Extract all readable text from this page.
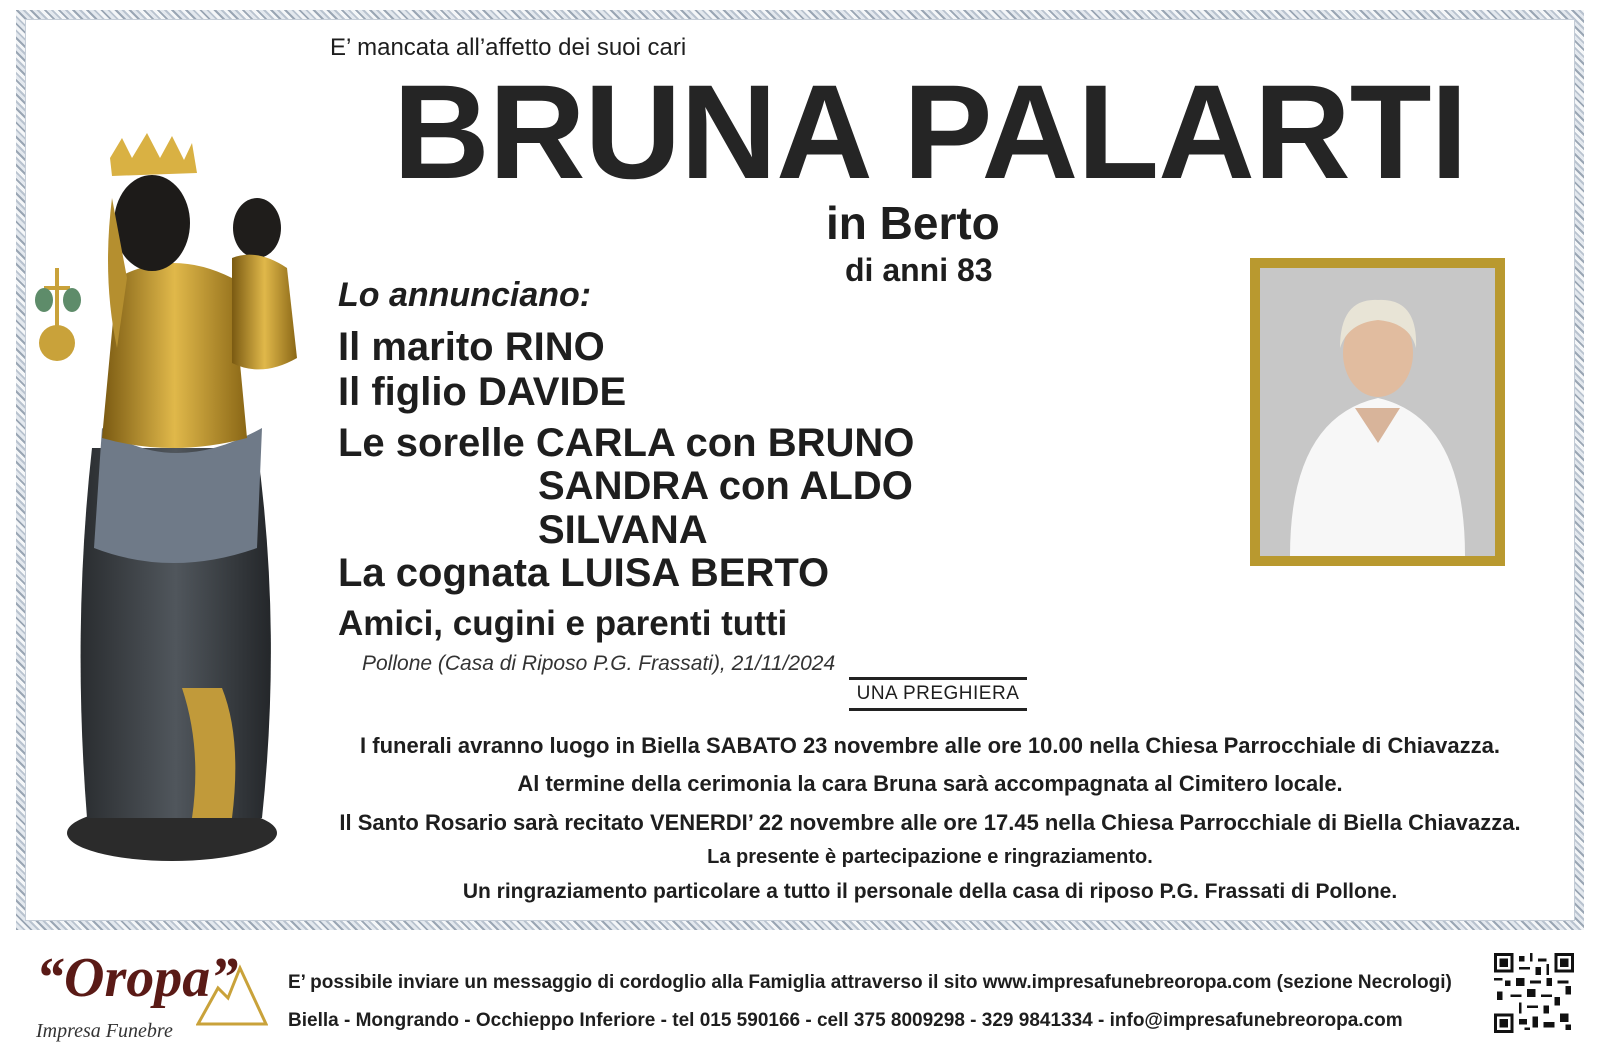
E’ mancata all’affetto dei suoi cari
BRUNA PALARTI
in Berto
di anni 83
Lo annunciano:
Il marito RINO
Il figlio DAVIDE
Le sorelle CARLA con BRUNO
SANDRA con ALDO
SILVANA
La cognata LUISA BERTO
Amici, cugini e parenti tutti
Pollone (Casa di Riposo P.G. Frassati), 21/11/2024
UNA PREGHIERA
I funerali avranno luogo in Biella SABATO 23 novembre alle ore 10.00 nella Chiesa Parrocchiale di Chiavazza.
Al termine della cerimonia la cara Bruna sarà accompagnata al Cimitero locale.
Il Santo Rosario sarà recitato VENERDI’ 22 novembre alle ore 17.45 nella Chiesa Parrocchiale di Biella Chiavazza.
La presente è partecipazione e ringraziamento.
Un ringraziamento particolare a tutto il personale della casa di riposo P.G. Frassati di Pollone.
“Oropa”
Impresa Funebre
E’ possibile inviare un messaggio di cordoglio alla Famiglia attraverso il sito www.impresafunebreoropa.com (sezione Necrologi)
Biella - Mongrando - Occhieppo Inferiore - tel 015 590166 - cell 375 8009298 - 329 9841334 - info@impresafunebreoropa.com
